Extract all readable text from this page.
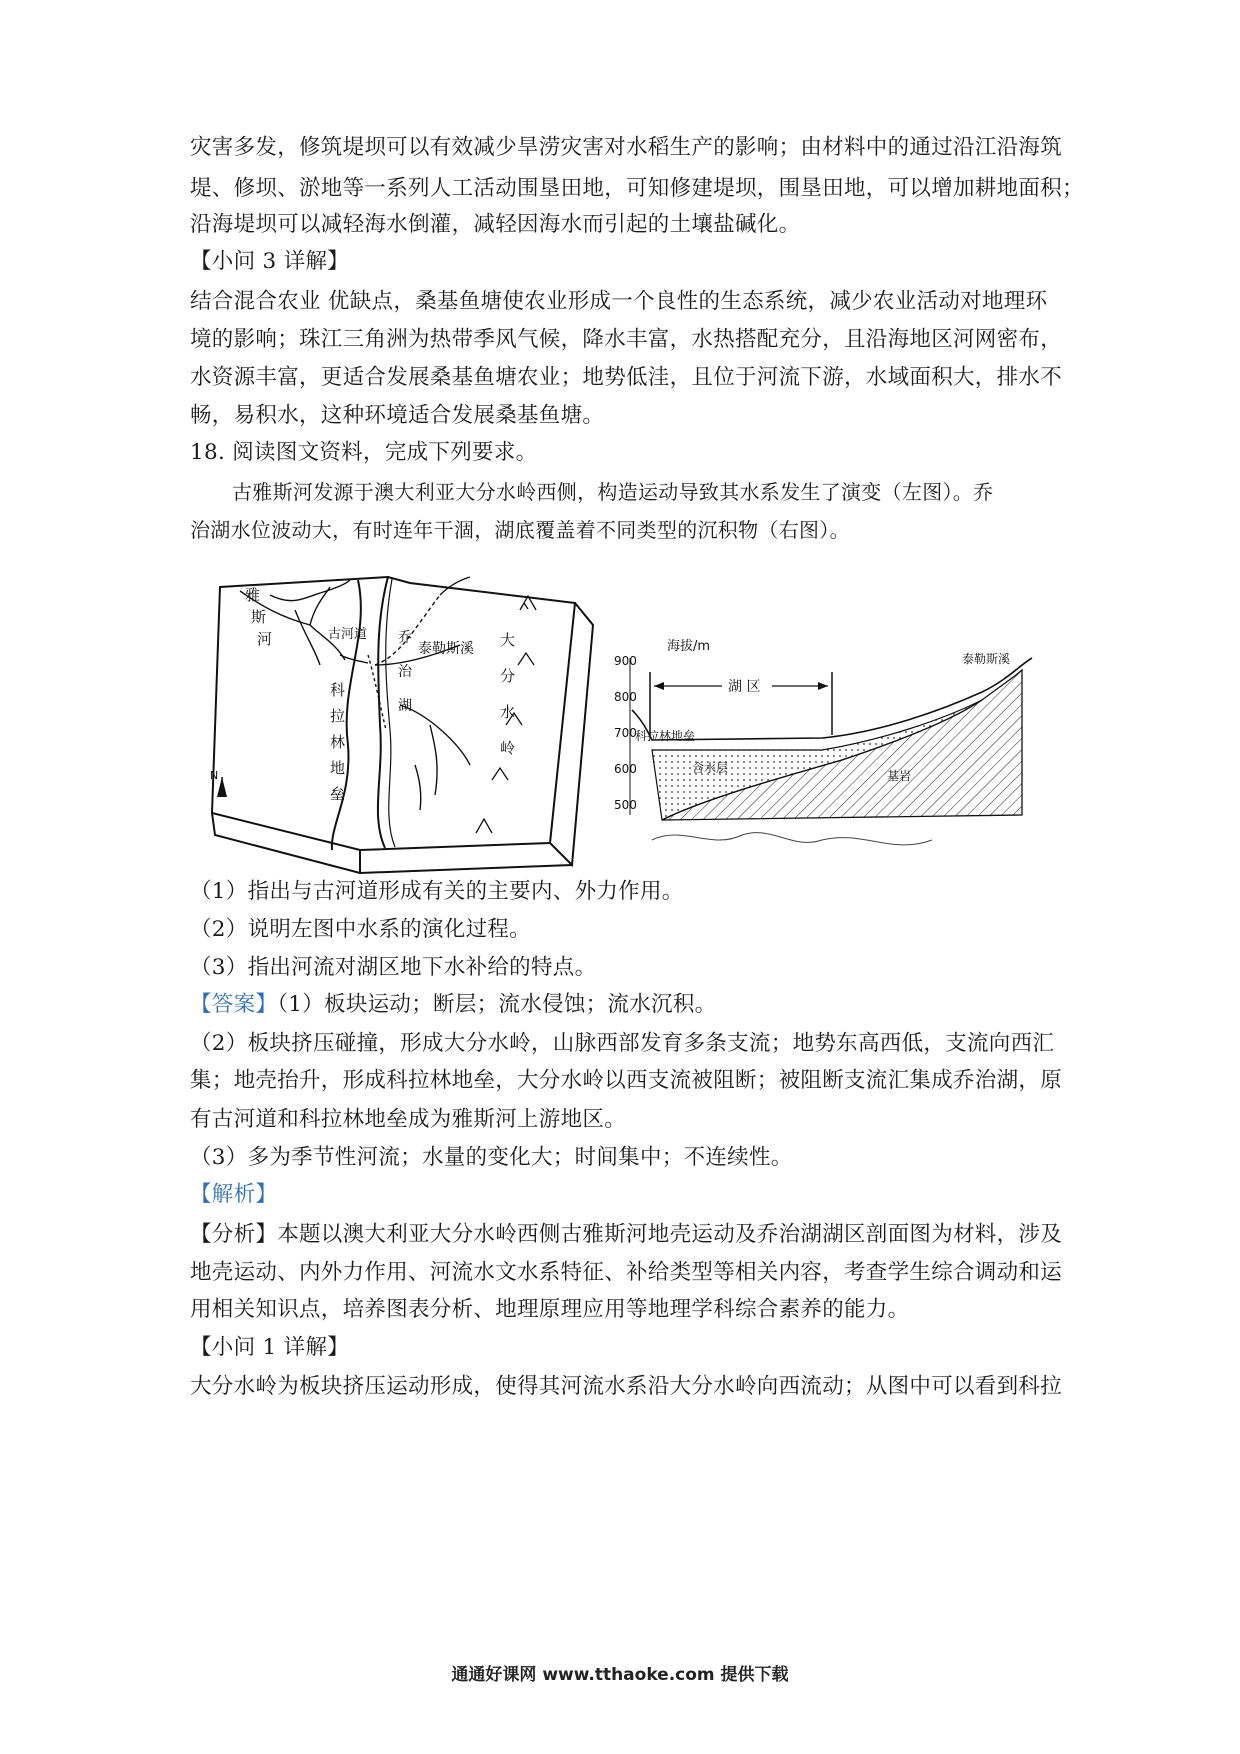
灾害多发，修筑堤坝可以有效减少旱涝灾害对水稻生产的影响；由材料中的通过沿江沿海筑
堤、修坝、淤地等一系列人工活动围垦田地，可知修建堤坝，围垦田地，可以增加耕地面积；
沿海堤坝可以减轻海水倒灌，减轻因海水而引起的土壤盐碱化。
【小问 3 详解】
结合混合农业 优缺点，桑基鱼塘使农业形成一个良性的生态系统，减少农业活动对地理环
境的影响；珠江三角洲为热带季风气候，降水丰富，水热搭配充分，且沿海地区河网密布，
水资源丰富，更适合发展桑基鱼塘农业；地势低洼，且位于河流下游，水域面积大，排水不
畅，易积水，这种环境适合发展桑基鱼塘。
18. 阅读图文资料，完成下列要求。
古雅斯河发源于澳大利亚大分水岭西侧，构造运动导致其水系发生了演变（左图）。乔
治湖水位波动大，有时连年干涸，湖底覆盖着不同类型的沉积物（右图）。
N
雅斯河	古河道 乔治湖
泰勒斯溪
科拉林地垒
大分水岭
海拔/m
900
800
700
600
500
湖 区
泰勒斯溪
科拉林地垒
含水层
基岩
（1）指出与古河道形成有关的主要内、外力作用。
（2）说明左图中水系的演化过程。
（3）指出河流对湖区地下水补给的特点。
【答案】（1）板块运动；断层；流水侵蚀；流水沉积。
（2）板块挤压碰撞，形成大分水岭，山脉西部发育多条支流；地势东高西低，支流向西汇
集；地壳抬升，形成科拉林地垒，大分水岭以西支流被阻断；被阻断支流汇集成乔治湖，原
有古河道和科拉林地垒成为雅斯河上游地区。
（3）多为季节性河流；水量的变化大；时间集中；不连续性。
【解析】
【分析】本题以澳大利亚大分水岭西侧古雅斯河地壳运动及乔治湖湖区剖面图为材料，涉及
地壳运动、内外力作用、河流水文水系特征、补给类型等相关内容，考查学生综合调动和运
用相关知识点，培养图表分析、地理原理应用等地理学科综合素养的能力。
【小问 1 详解】
大分水岭为板块挤压运动形成，使得其河流水系沿大分水岭向西流动；从图中可以看到科拉
通通好课网 www.tthaoke.com 提供下载
